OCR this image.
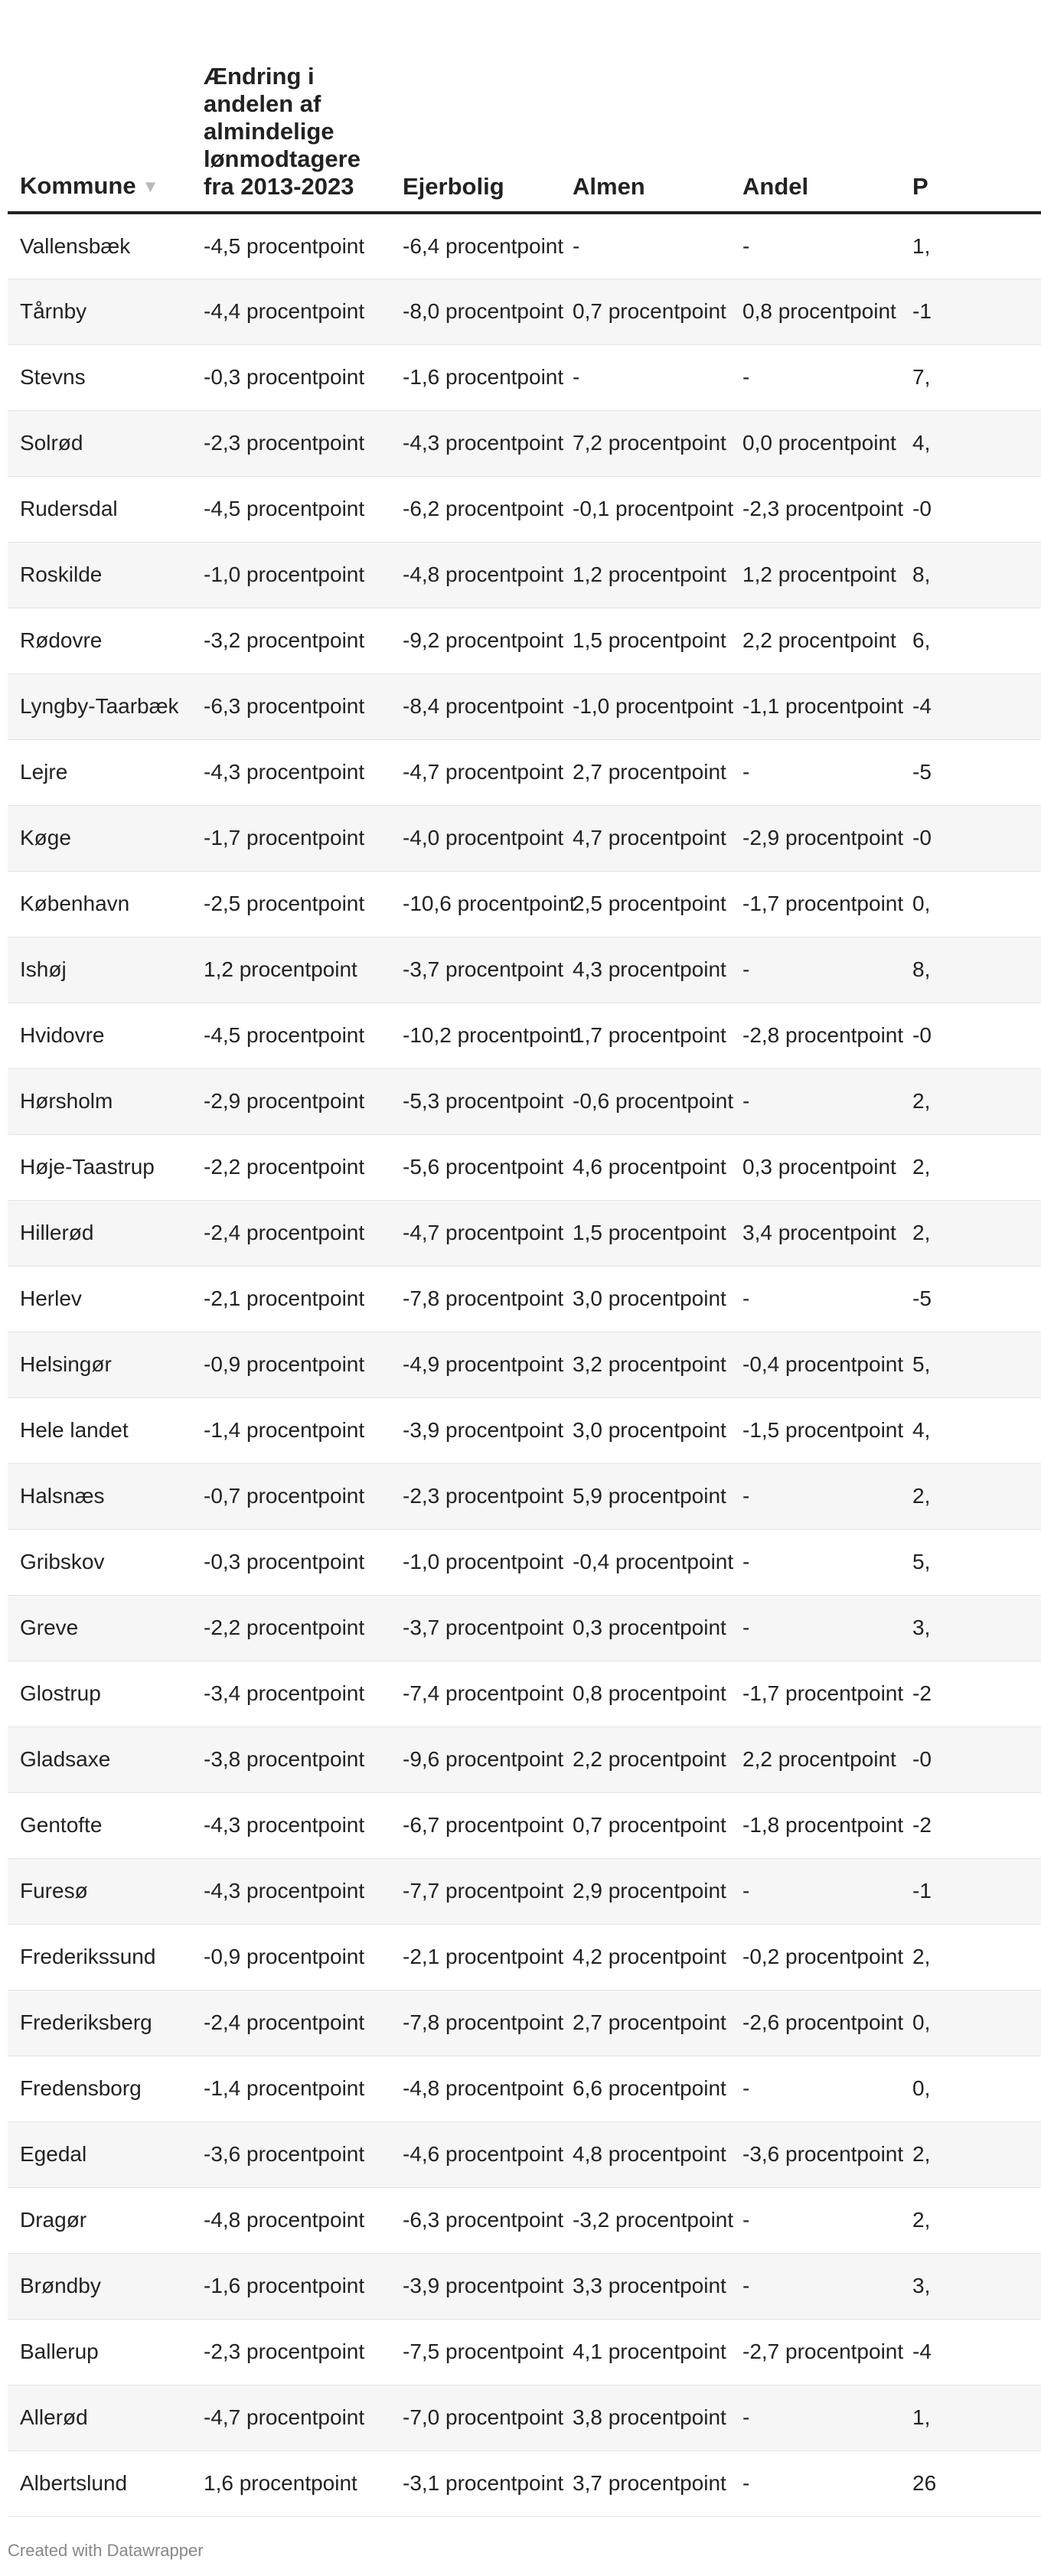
Kommune ▼	Ændring i andelen af almindelige lønmodtagere fra 2013-2023	Ejerbolig	Almen	Andel	P
Vallensbæk	-4,5 procentpoint	-6,4 procentpoint	-	-	1,
Tårnby	-4,4 procentpoint	-8,0 procentpoint	0,7 procentpoint	0,8 procentpoint	-1
Stevns	-0,3 procentpoint	-1,6 procentpoint	-	-	7,
Solrød	-2,3 procentpoint	-4,3 procentpoint	7,2 procentpoint	0,0 procentpoint	4,
Rudersdal	-4,5 procentpoint	-6,2 procentpoint	-0,1 procentpoint	-2,3 procentpoint	-0
Roskilde	-1,0 procentpoint	-4,8 procentpoint	1,2 procentpoint	1,2 procentpoint	8,
Rødovre	-3,2 procentpoint	-9,2 procentpoint	1,5 procentpoint	2,2 procentpoint	6,
Lyngby-Taarbæk	-6,3 procentpoint	-8,4 procentpoint	-1,0 procentpoint	-1,1 procentpoint	-4
Lejre	-4,3 procentpoint	-4,7 procentpoint	2,7 procentpoint	-	-5
Køge	-1,7 procentpoint	-4,0 procentpoint	4,7 procentpoint	-2,9 procentpoint	-0
København	-2,5 procentpoint	-10,6 procentpoint	2,5 procentpoint	-1,7 procentpoint	0,
Ishøj	1,2 procentpoint	-3,7 procentpoint	4,3 procentpoint	-	8,
Hvidovre	-4,5 procentpoint	-10,2 procentpoint	1,7 procentpoint	-2,8 procentpoint	-0
Hørsholm	-2,9 procentpoint	-5,3 procentpoint	-0,6 procentpoint	-	2,
Høje-Taastrup	-2,2 procentpoint	-5,6 procentpoint	4,6 procentpoint	0,3 procentpoint	2,
Hillerød	-2,4 procentpoint	-4,7 procentpoint	1,5 procentpoint	3,4 procentpoint	2,
Herlev	-2,1 procentpoint	-7,8 procentpoint	3,0 procentpoint	-	-5
Helsingør	-0,9 procentpoint	-4,9 procentpoint	3,2 procentpoint	-0,4 procentpoint	5,
Hele landet	-1,4 procentpoint	-3,9 procentpoint	3,0 procentpoint	-1,5 procentpoint	4,
Halsnæs	-0,7 procentpoint	-2,3 procentpoint	5,9 procentpoint	-	2,
Gribskov	-0,3 procentpoint	-1,0 procentpoint	-0,4 procentpoint	-	5,
Greve	-2,2 procentpoint	-3,7 procentpoint	0,3 procentpoint	-	3,
Glostrup	-3,4 procentpoint	-7,4 procentpoint	0,8 procentpoint	-1,7 procentpoint	-2
Gladsaxe	-3,8 procentpoint	-9,6 procentpoint	2,2 procentpoint	2,2 procentpoint	-0
Gentofte	-4,3 procentpoint	-6,7 procentpoint	0,7 procentpoint	-1,8 procentpoint	-2
Furesø	-4,3 procentpoint	-7,7 procentpoint	2,9 procentpoint	-	-1
Frederikssund	-0,9 procentpoint	-2,1 procentpoint	4,2 procentpoint	-0,2 procentpoint	2,
Frederiksberg	-2,4 procentpoint	-7,8 procentpoint	2,7 procentpoint	-2,6 procentpoint	0,
Fredensborg	-1,4 procentpoint	-4,8 procentpoint	6,6 procentpoint	-	0,
Egedal	-3,6 procentpoint	-4,6 procentpoint	4,8 procentpoint	-3,6 procentpoint	2,
Dragør	-4,8 procentpoint	-6,3 procentpoint	-3,2 procentpoint	-	2,
Brøndby	-1,6 procentpoint	-3,9 procentpoint	3,3 procentpoint	-	3,
Ballerup	-2,3 procentpoint	-7,5 procentpoint	4,1 procentpoint	-2,7 procentpoint	-4
Allerød	-4,7 procentpoint	-7,0 procentpoint	3,8 procentpoint	-	1,
Albertslund	1,6 procentpoint	-3,1 procentpoint	3,7 procentpoint	-	26
Created with Datawrapper
